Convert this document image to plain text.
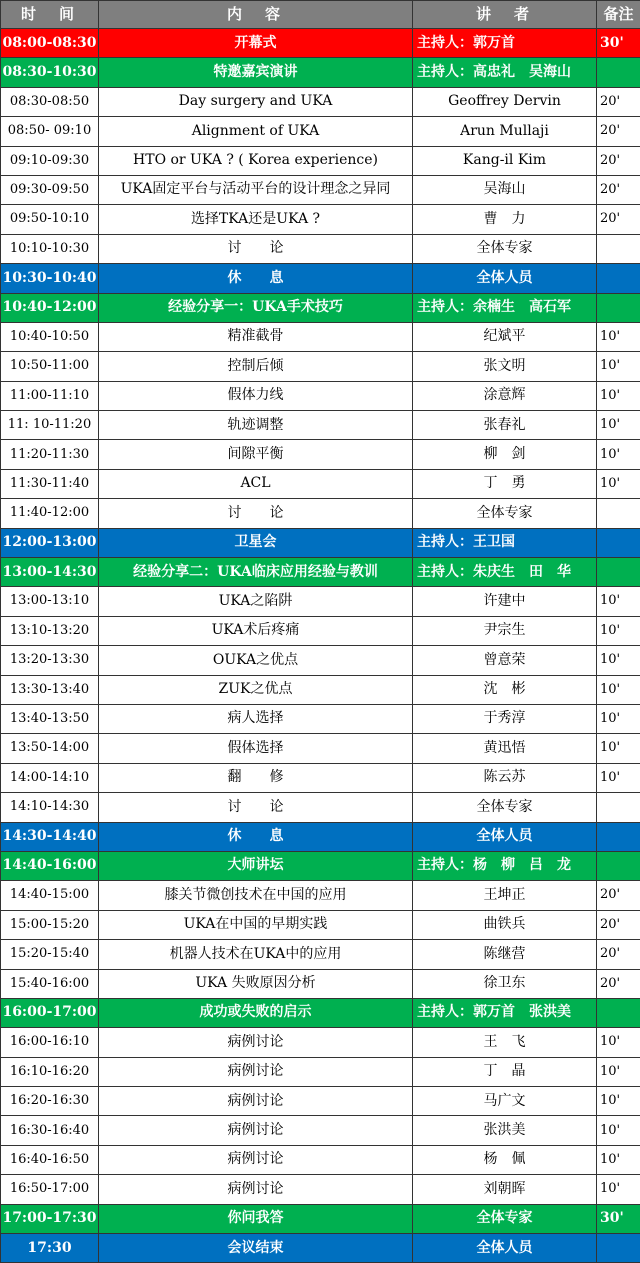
时　间	内　容	讲　者	备注
08:00-08:30	开幕式	主持人：郭万首	30'
08:30-10:30	特邀嘉宾演讲	主持人：高忠礼　吴海山	
08:30-08:50	Day surgery and UKA	Geoffrey Dervin	20'
08:50- 09:10	Alignment of UKA	Arun Mullaji	20'
09:10-09:30	HTO or UKA ? ( Korea experience)	Kang-il Kim	20'
09:30-09:50	UKA固定平台与活动平台的设计理念之异同	吴海山	20'
09:50-10:10	选择TKA还是UKA ?	曹　力	20'
10:10-10:30	讨　　论	全体专家	
10:30-10:40	休　　息	全体人员	
10:40-12:00	经验分享一：UKA手术技巧	主持人：余楠生　高石军	
10:40-10:50	精准截骨	纪斌平	10'
10:50-11:00	控制后倾	张文明	10'
11:00-11:10	假体力线	涂意辉	10'
11: 10-11:20	轨迹调整	张春礼	10'
11:20-11:30	间隙平衡	柳　剑	10'
11:30-11:40	ACL	丁　勇	10'
11:40-12:00	讨　　论	全体专家	
12:00-13:00	卫星会	主持人：王卫国	
13:00-14:30	经验分享二：UKA临床应用经验与教训	主持人：朱庆生　田　华	
13:00-13:10	UKA之陷阱	许建中	10'
13:10-13:20	UKA术后疼痛	尹宗生	10'
13:20-13:30	OUKA之优点	曾意荣	10'
13:30-13:40	ZUK之优点	沈　彬	10'
13:40-13:50	病人选择	于秀淳	10'
13:50-14:00	假体选择	黄迅悟	10'
14:00-14:10	翻　　修	陈云苏	10'
14:10-14:30	讨　　论	全体专家	
14:30-14:40	休　　息	全体人员	
14:40-16:00	大师讲坛	主持人：杨　柳　吕　龙	
14:40-15:00	膝关节微创技术在中国的应用	王坤正	20'
15:00-15:20	UKA在中国的早期实践	曲铁兵	20'
15:20-15:40	机器人技术在UKA中的应用	陈继营	20'
15:40-16:00	UKA 失败原因分析	徐卫东	20'
16:00-17:00	成功或失败的启示	主持人：郭万首　张洪美	
16:00-16:10	病例讨论	王　飞	10'
16:10-16:20	病例讨论	丁　晶	10'
16:20-16:30	病例讨论	马广文	10'
16:30-16:40	病例讨论	张洪美	10'
16:40-16:50	病例讨论	杨　佩	10'
16:50-17:00	病例讨论	刘朝晖	10'
17:00-17:30	你问我答	全体专家	30'
17:30	会议结束	全体人员	
